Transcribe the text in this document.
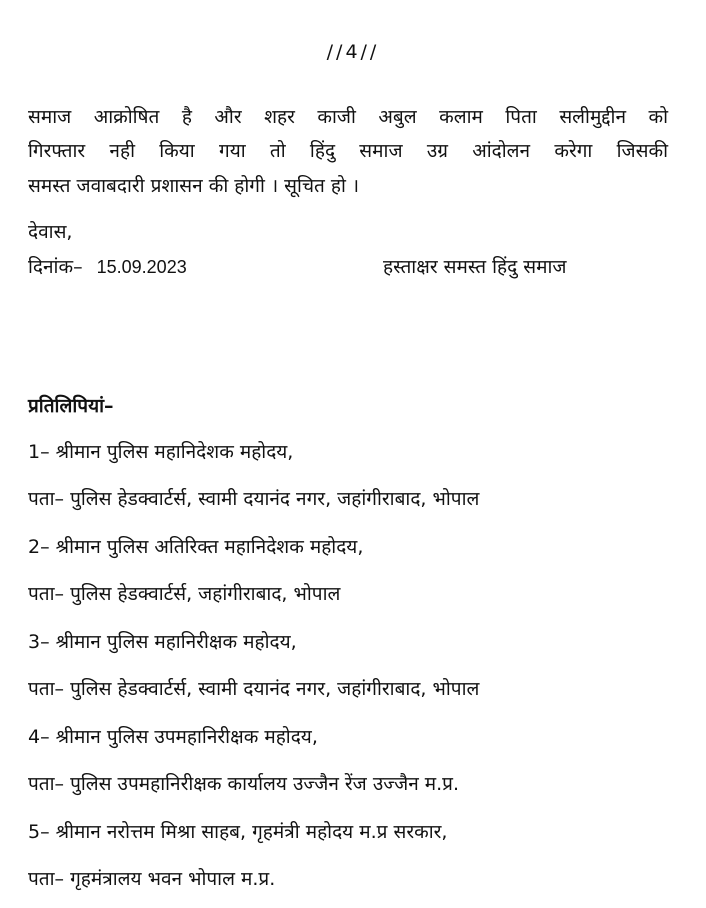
//4//
समाज आक्रोषित है और शहर काजी अबुल कलाम पिता सलीमुद्दीन को
गिरफ्तार नही किया गया तो हिंदु समाज उग्र आंदोलन करेगा जिसकी
समस्त जवाबदारी प्रशासन की होगी । सूचित हो ।
देवास,
दिनांक– 15.09.2023	हस्ताक्षर समस्त हिंदु समाज
प्रतिलिपियां–
1– श्रीमान पुलिस महानिदेशक महोदय,
पता– पुलिस हेडक्वार्टर्स, स्वामी दयानंद नगर, जहांगीराबाद, भोपाल
2– श्रीमान पुलिस अतिरिक्त महानिदेशक महोदय,
पता– पुलिस हेडक्वार्टर्स, जहांगीराबाद, भोपाल
3– श्रीमान पुलिस महानिरीक्षक महोदय,
पता– पुलिस हेडक्वार्टर्स, स्वामी दयानंद नगर, जहांगीराबाद, भोपाल
4– श्रीमान पुलिस उपमहानिरीक्षक महोदय,
पता– पुलिस उपमहानिरीक्षक कार्यालय उज्जैन रेंज उज्जैन म.प्र.
5– श्रीमान नरोत्तम मिश्रा साहब, गृहमंत्री महोदय म.प्र सरकार,
पता– गृहमंत्रालय भवन भोपाल म.प्र.
